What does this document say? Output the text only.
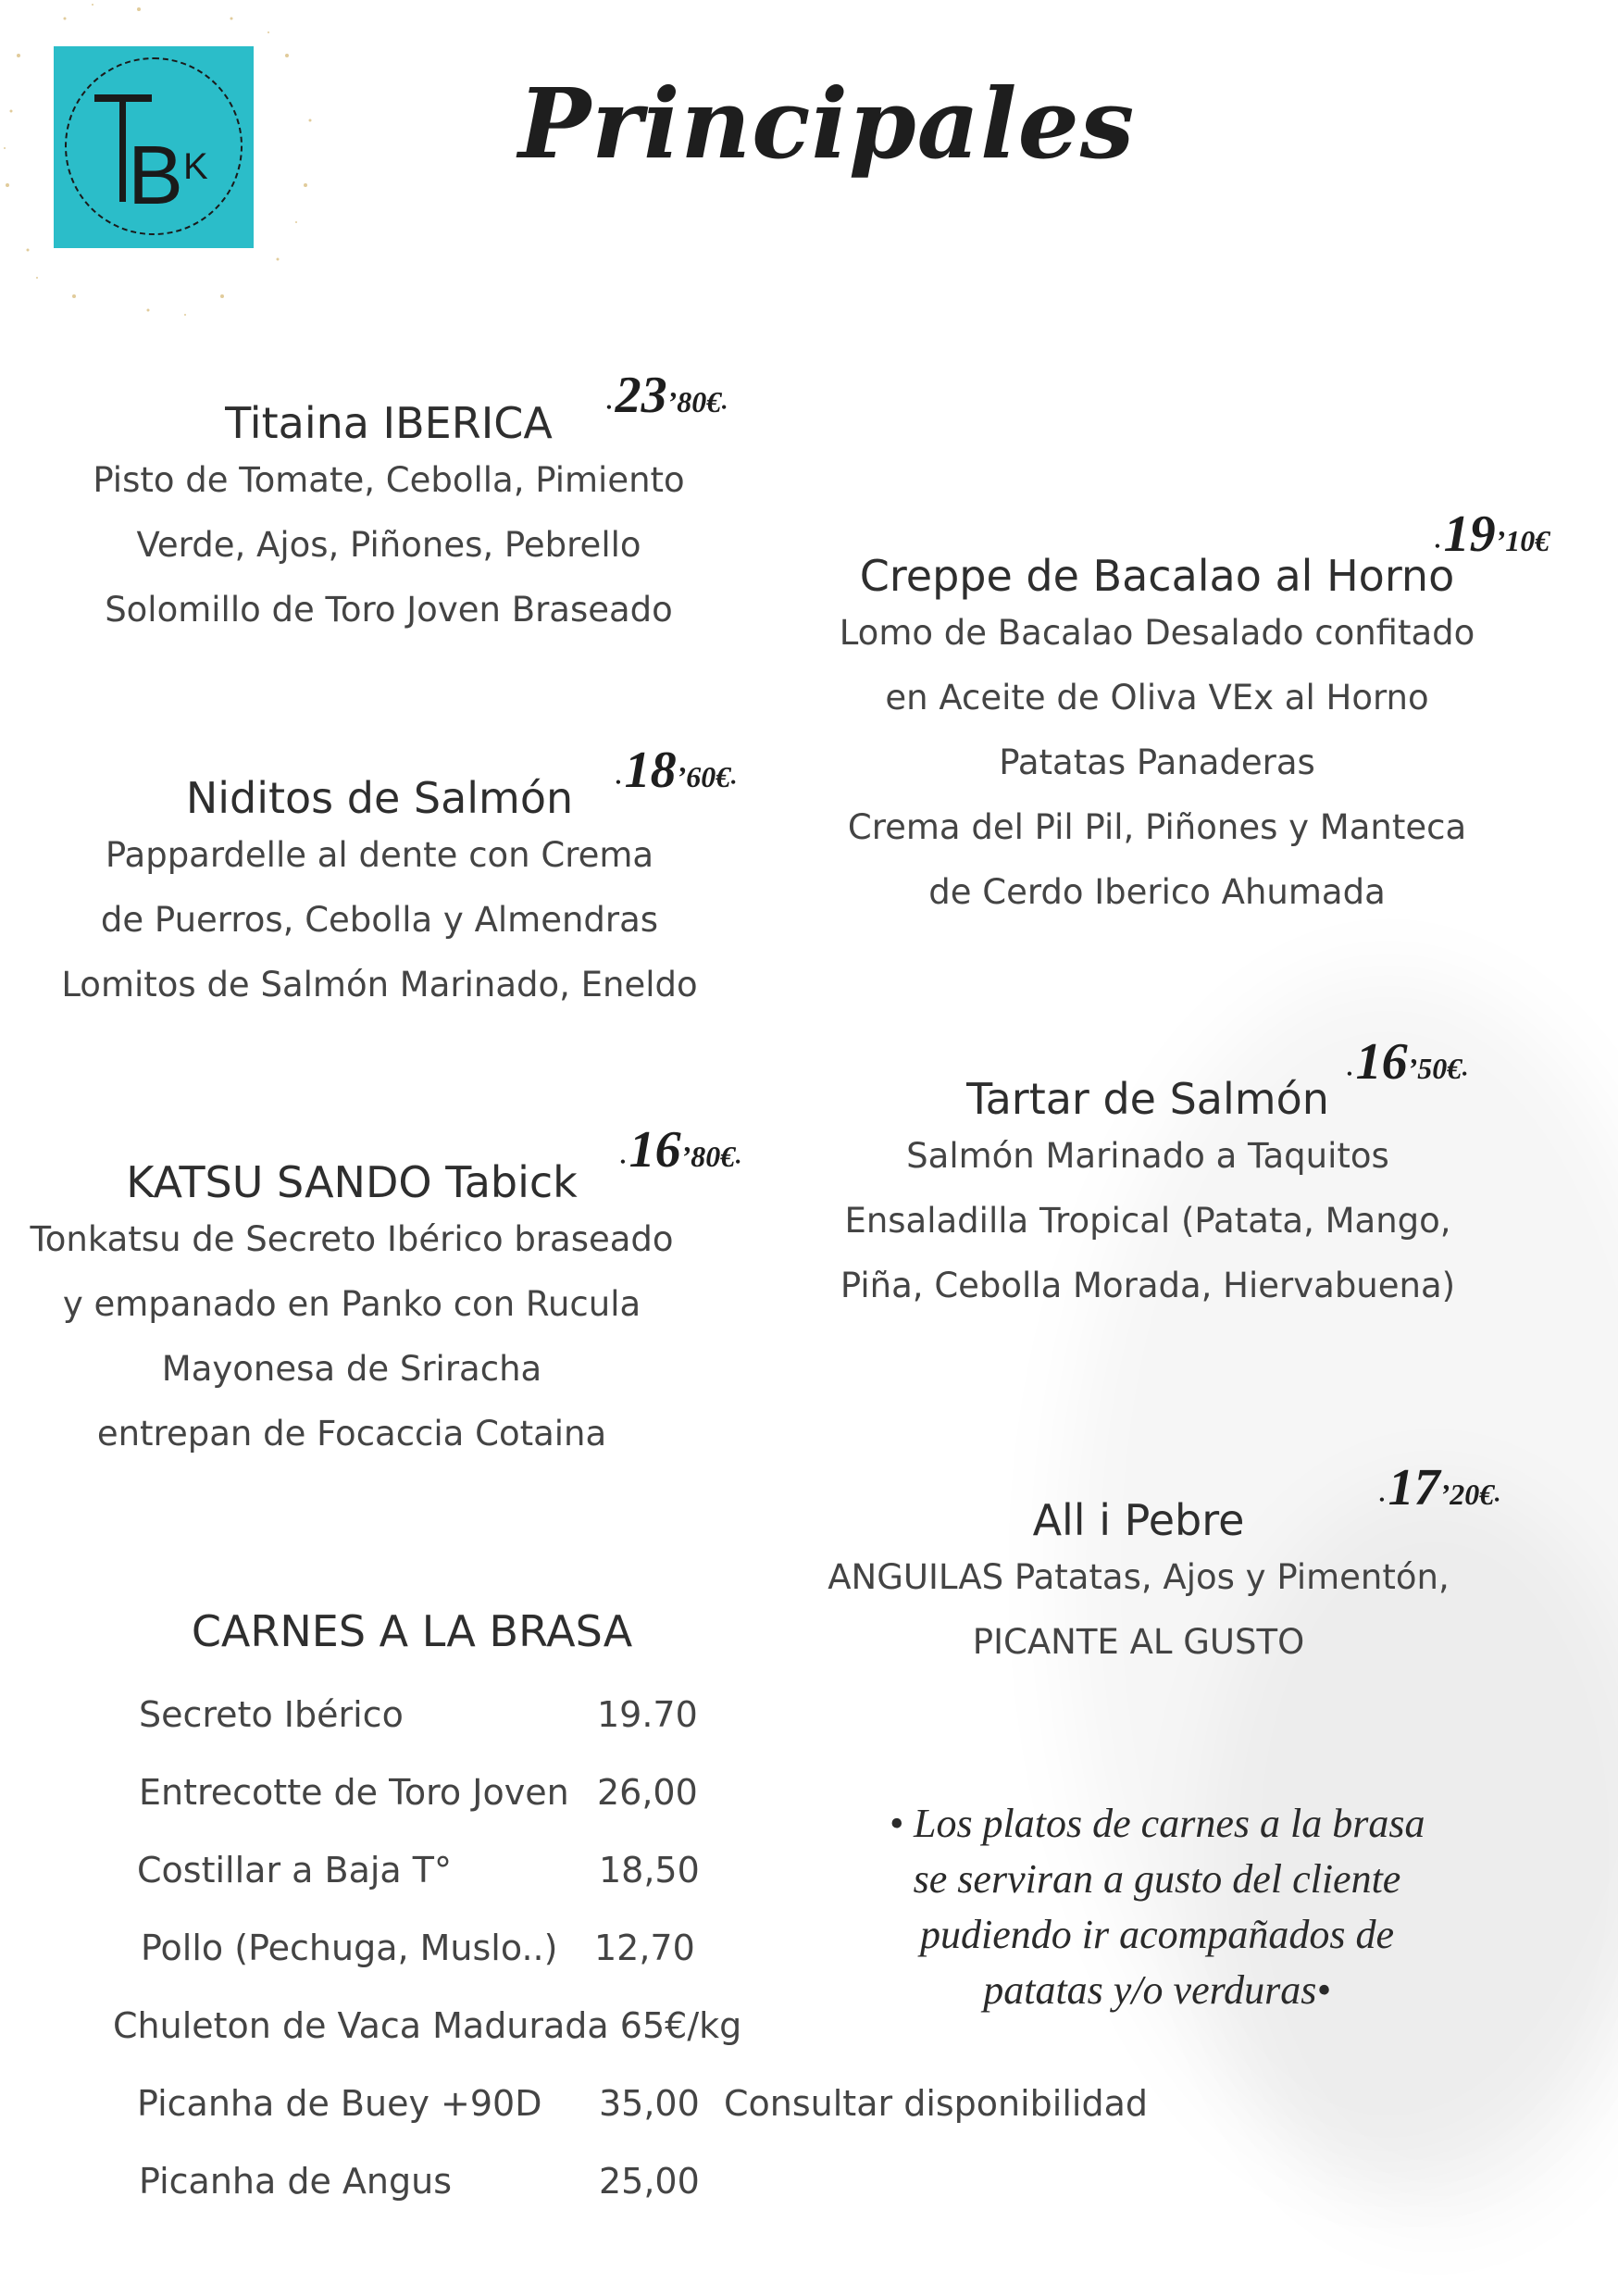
B K	Principales
Titaina IBERICA
Pisto de Tomate, Cebolla, Pimiento
Verde, Ajos, Piñones, Pebrello
Solomillo de Toro Joven Braseado
• 23’80€•
Creppe de Bacalao al Horno
Lomo de Bacalao Desalado confitado
en Aceite de Oliva VEx al Horno
Patatas Panaderas
Crema del Pil Pil, Piñones y Manteca
de Cerdo Iberico Ahumada
• 19’10€
Niditos de Salmón
Pappardelle al dente con Crema
de Puerros, Cebolla y Almendras
Lomitos de Salmón Marinado, Eneldo
• 18’60€•
Tartar de Salmón
Salmón Marinado a Taquitos
Ensaladilla Tropical (Patata, Mango,
Piña, Cebolla Morada, Hiervabuena)
• 16’50€•
KATSU SANDO Tabick
Tonkatsu de Secreto Ibérico braseado
y empanado en Panko con Rucula
Mayonesa de Sriracha
entrepan de Focaccia Cotaina
• 16’80€•
All i Pebre
ANGUILAS Patatas, Ajos y Pimentón,
PICANTE AL GUSTO
• 17’20€•
CARNES A LA BRASA
Secreto Ibérico	19.70
Entrecotte de Toro Joven 26,00
Costillar a Baja T°	18,50
Pollo (Pechuga, Muslo..) 12,70
Chuleton de Vaca Madurada 65€/kg
Picanha de Buey +90D 35,00 Consultar disponibilidad
Picanha de Angus	25,00
• Los platos de carnes a la brasa
se serviran a gusto del cliente
pudiendo ir acompañados de
patatas y/o verduras•
